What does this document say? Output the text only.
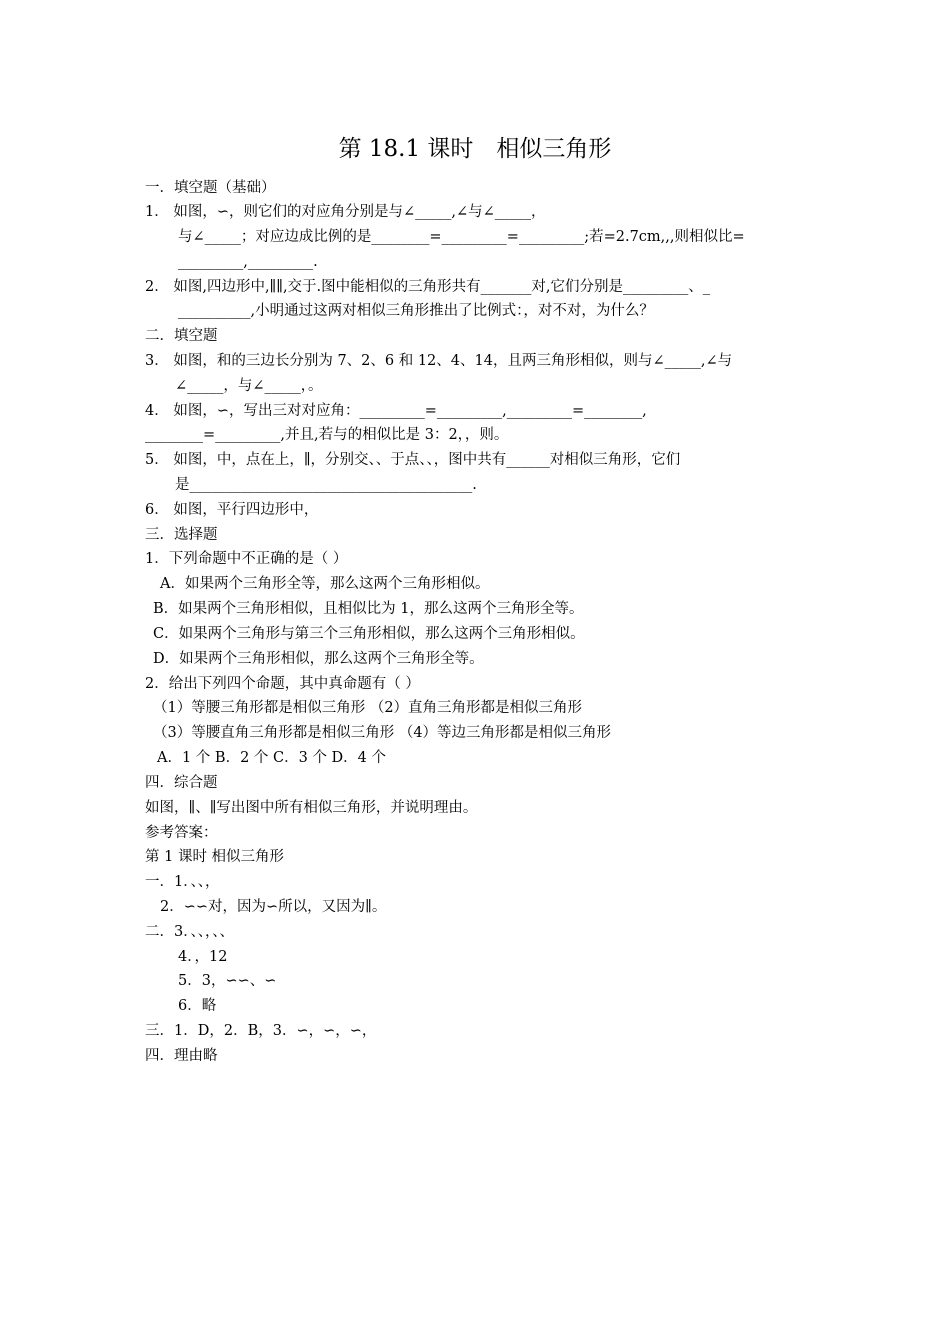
第 18.1 课时　相似三角形
一．填空题（基础）
1． 如图，∽，则它们的对应角分别是与∠_____,∠与∠_____，
与∠_____；对应边成比例的是________=_________=_________;若=2.7cm,,,则相似比=
_________,_________.
2． 如图,四边形中,∥∥,交于.图中能相似的三角形共有_______对,它们分别是_________、_
__________,小明通过这两对相似三角形推出了比例式：，对不对，为什么？
二．填空题
3． 如图，和的三边长分别为 7、2、6 和 12、4、14，且两三角形相似，则与∠_____,∠与
∠_____，与∠_____，。
4． 如图，∽，写出三对对应角：_________=_________,_________=________,
________=_________,并且,若与的相似比是 3：2，，则。
5． 如图，中，点在上，∥，分别交、、于点、、，图中共有______对相似三角形，它们
是_______________________________________.
6． 如图，平行四边形中，
三．选择题
1．下列命题中不正确的是（ ）
A．如果两个三角形全等，那么这两个三角形相似。
B．如果两个三角形相似，且相似比为 1，那么这两个三角形全等。
C．如果两个三角形与第三个三角形相似，那么这两个三角形相似。
D．如果两个三角形相似，那么这两个三角形全等。
2．给出下列四个命题，其中真命题有（ ）
（1）等腰三角形都是相似三角形 （2）直角三角形都是相似三角形
（3）等腰直角三角形都是相似三角形 （4）等边三角形都是相似三角形
A．1 个 B．2 个 C．3 个 D．4 个
四．综合题
如图，∥、∥写出图中所有相似三角形，并说明理由。
参考答案：
第 1 课时 相似三角形
一．1．、、，
2．∽∽对，因为∽所以，又因为∥。
二．3．、、，、、
4．，12
5．3，∽∽、∽
6．略
三．1．D，2．B，3．∽，∽，∽，
四．理由略
